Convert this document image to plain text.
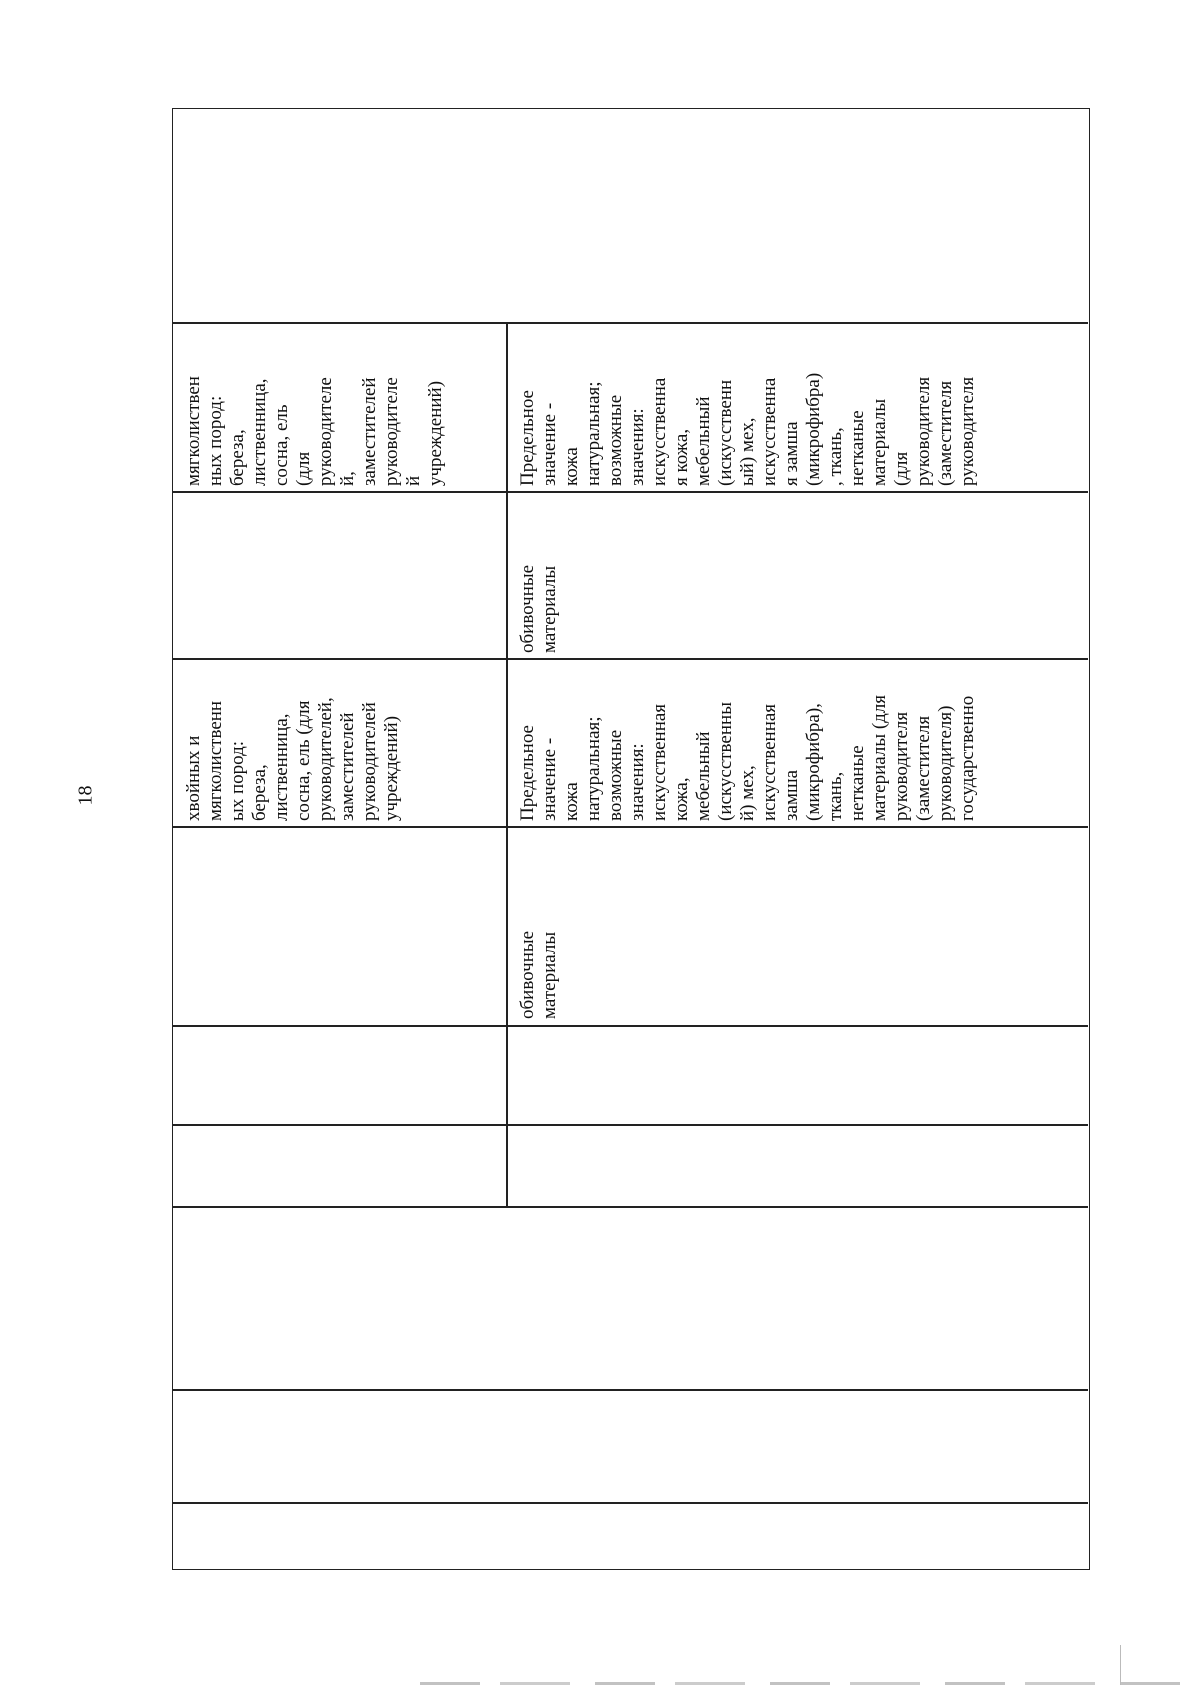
18	хвойных и
мягколиственн
ых пород:
береза,
лиственница,
сосна, ель (для
руководителей,
заместителей
руководителей
учреждений)
обивочные
материалы
Предельное
значение -
кожа
натуральная;
возможные
значения:
искусственная
кожа,
мебельный
(искусственны
й) мех,
искусственная
замша
(микрофибра),
ткань,
нетканые
материалы (для
руководителя
(заместителя
руководителя)
государственно
мягколиствен
ных пород:
береза,
лиственница,
сосна, ель
(для
руководителе
й,
заместителей
руководителе
й
учреждений)
обивочные
материалы
Предельное
значение -
кожа
натуральная;
возможные
значения:
искусственна
я кожа,
мебельный
(искусственн
ый) мех,
искусственна
я замша
(микрофибра)
, ткань,
нетканые
материалы
(для
руководителя
(заместителя
руководителя
